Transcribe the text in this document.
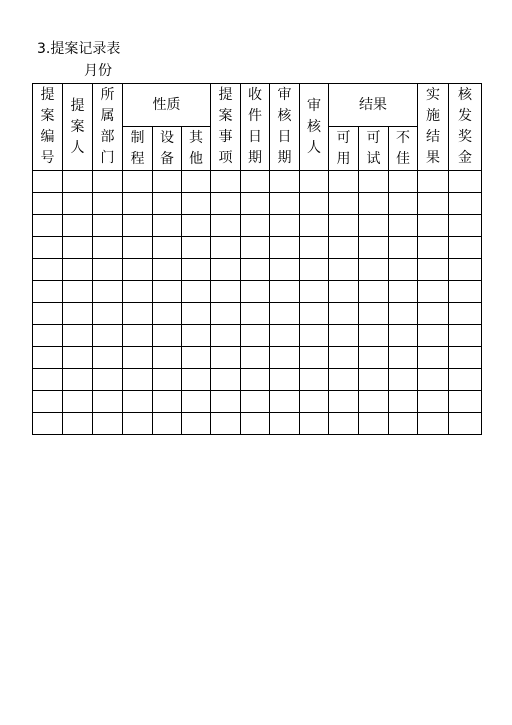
3.提案记录表
月份
提案编号	提案人	所属部门	性质			提案事项	收件日期	审核日期	审核人	结果			实施结果	核发奖金
			制程	设备	其他					可用	可试	不佳		
